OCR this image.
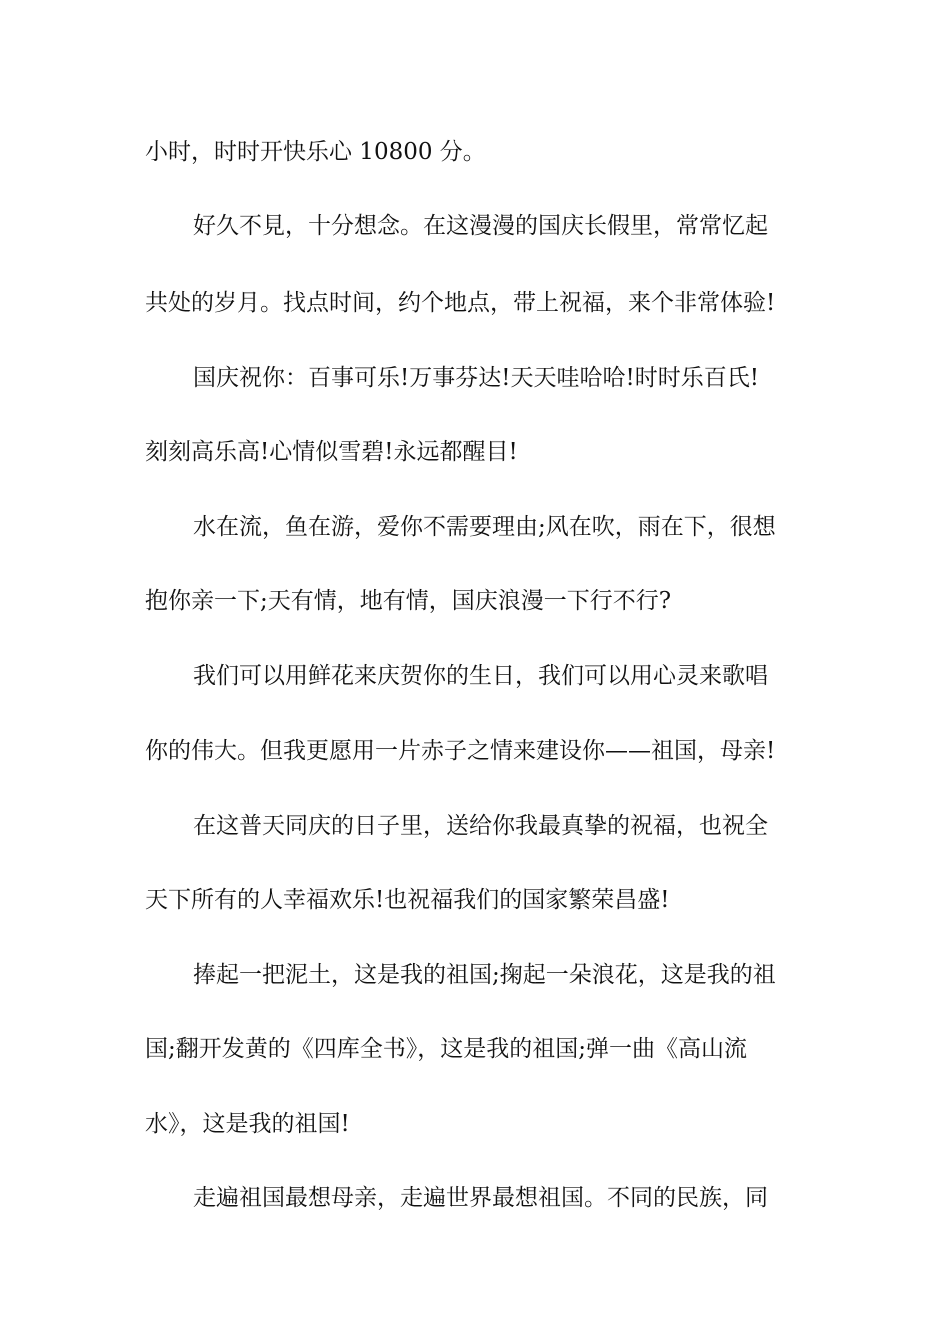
小时，时时开快乐心 10800 分。
好久不見，十分想念。在这漫漫的国庆长假里，常常忆起
共处的岁月。找点时间，约个地点，带上祝福，来个非常体验!
国庆祝你：百事可乐!万事芬达!天天哇哈哈!时时乐百氏!
刻刻高乐高!心情似雪碧!永远都醒目!
水在流，鱼在游，爱你不需要理由;风在吹，雨在下，很想
抱你亲一下;天有情，地有情，国庆浪漫一下行不行?
我们可以用鲜花来庆贺你的生日，我们可以用心灵来歌唱
你的伟大。但我更愿用一片赤子之情来建设你——祖国，母亲!
在这普天同庆的日子里，送给你我最真挚的祝福，也祝全
天下所有的人幸福欢乐!也祝福我们的国家繁荣昌盛!
捧起一把泥土，这是我的祖国;掬起一朵浪花，这是我的祖
国;翻开发黄的《四库全书》，这是我的祖国;弹一曲《高山流
水》，这是我的祖国!
走遍祖国最想母亲，走遍世界最想祖国。不同的民族，同
